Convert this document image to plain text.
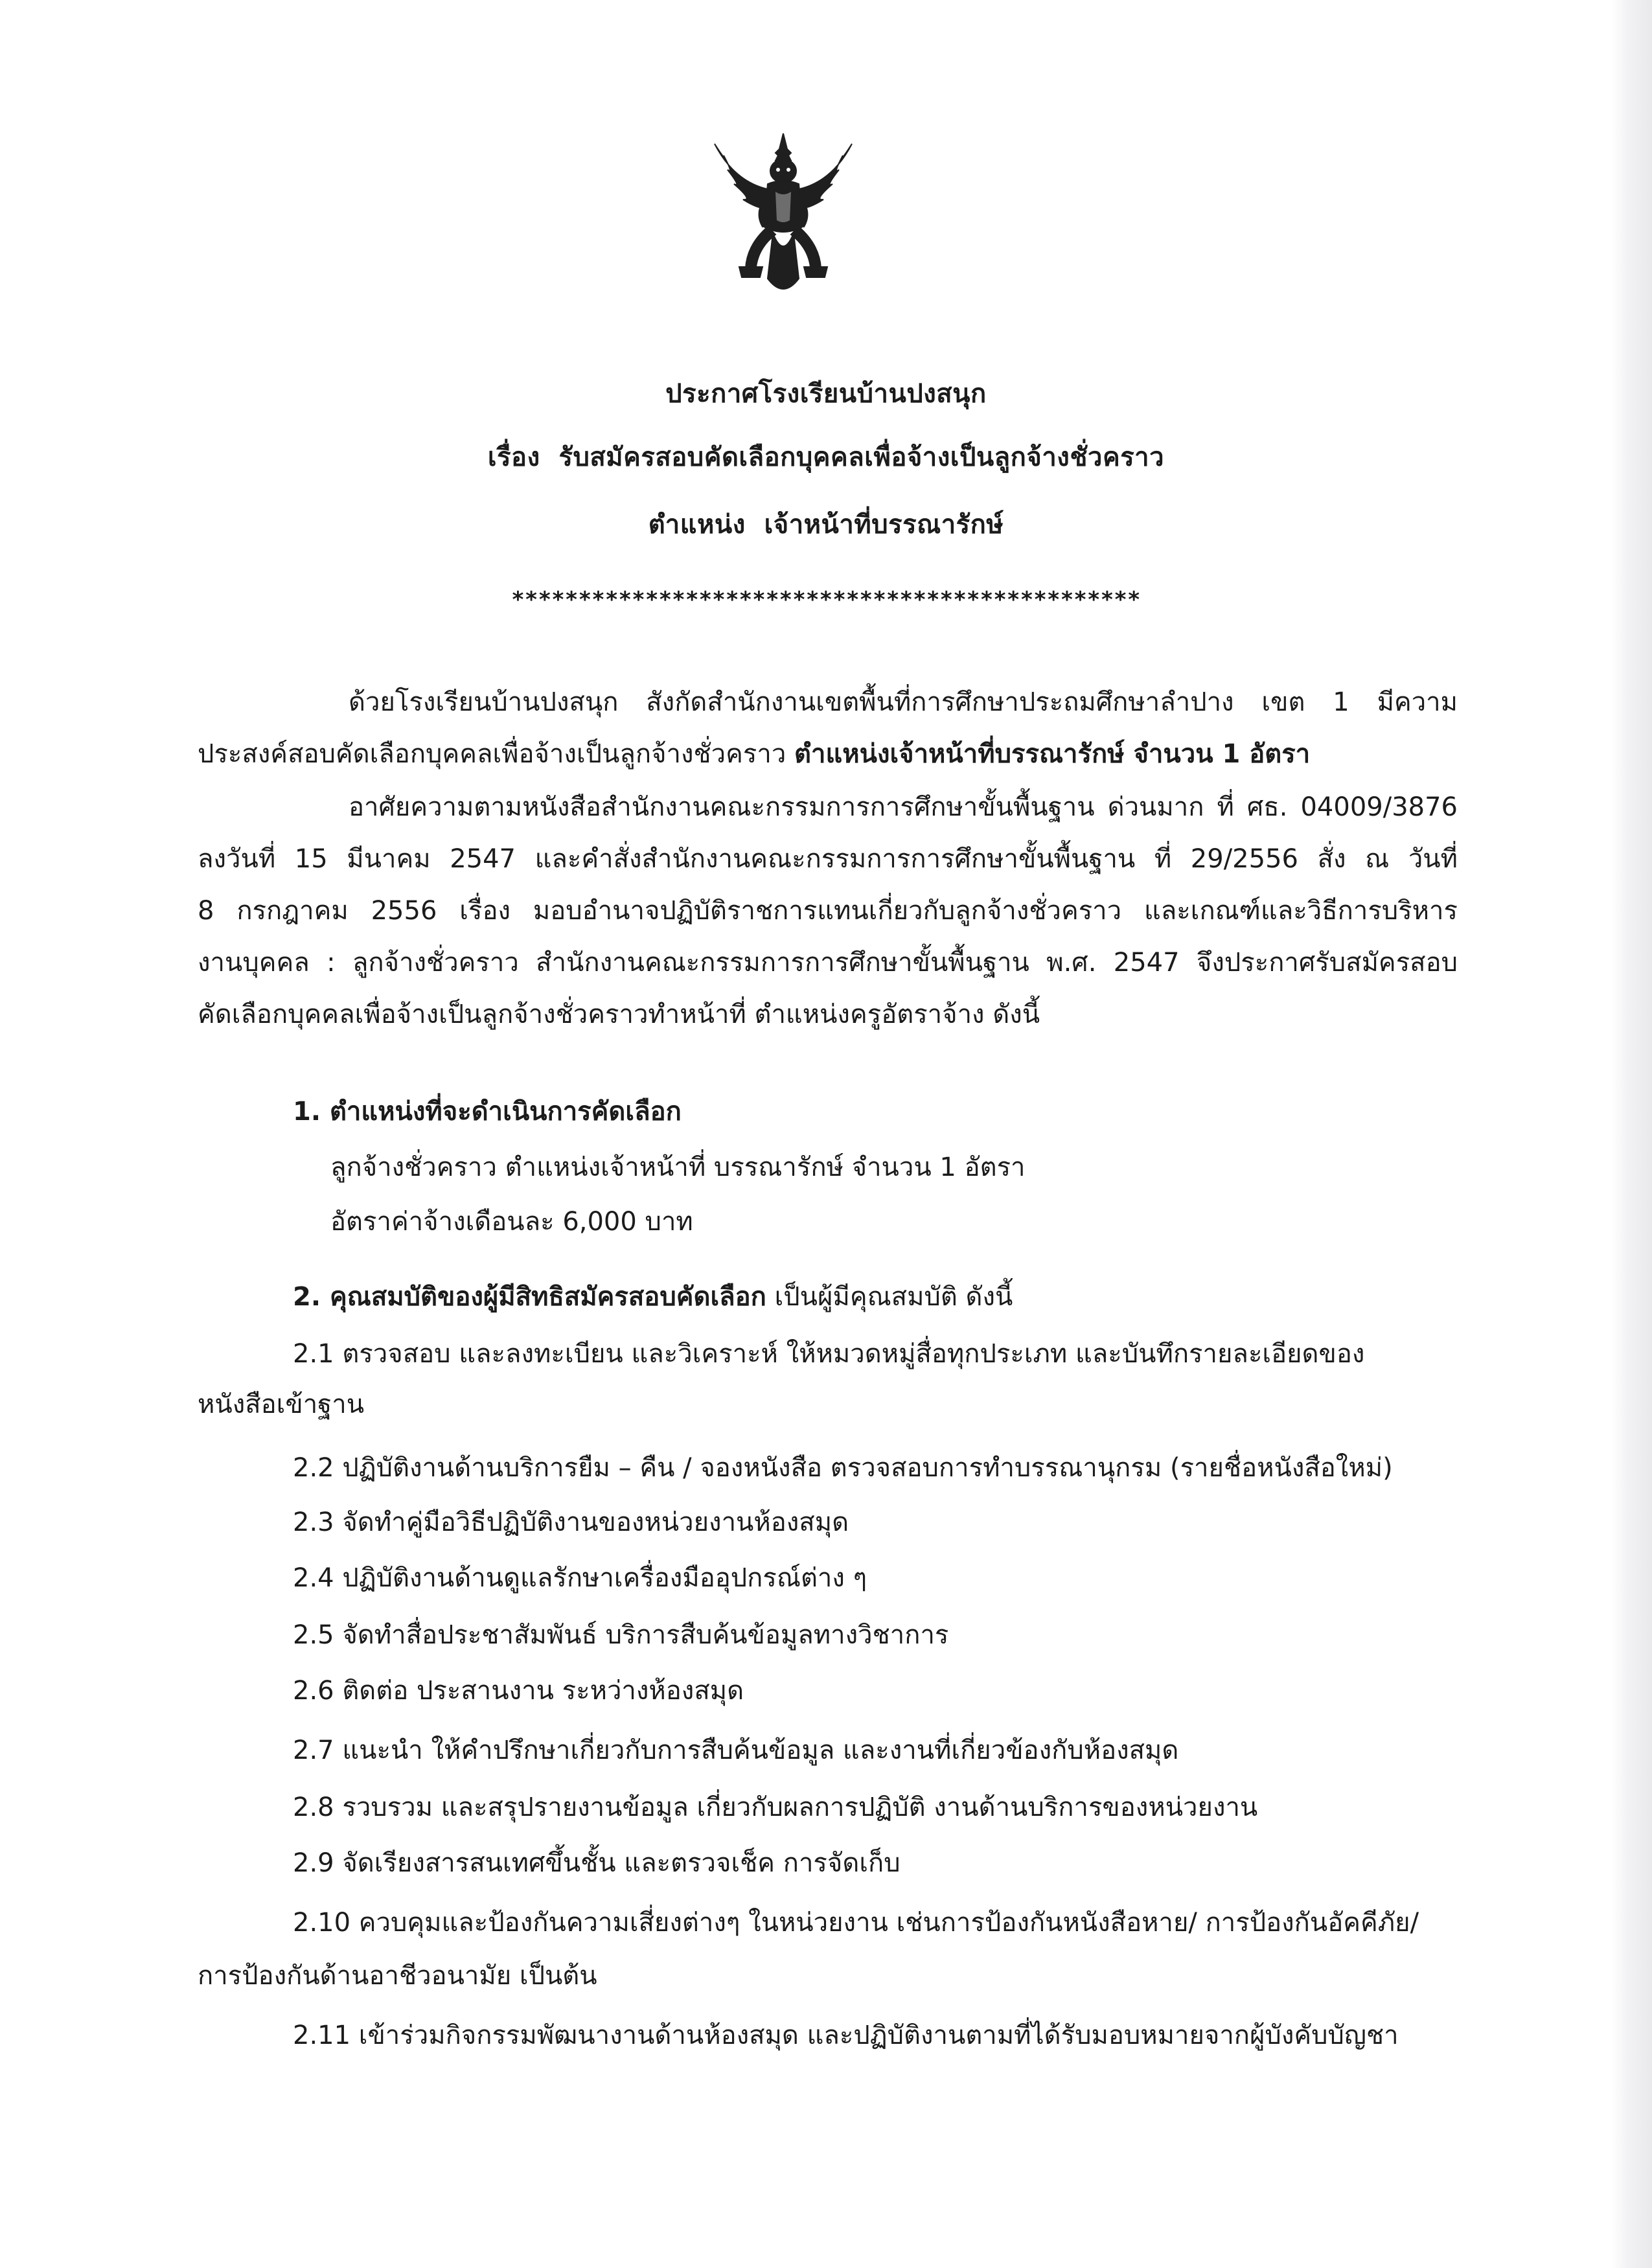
ประกาศโรงเรียนบ้านปงสนุก
เรื่อง รับสมัครสอบคัดเลือกบุคคลเพื่อจ้างเป็นลูกจ้างชั่วคราว
ตำแหน่ง เจ้าหน้าที่บรรณารักษ์
***********************************************
ด้วยโรงเรียนบ้านปงสนุก สังกัดสำนักงานเขตพื้นที่การศึกษาประถมศึกษาลำปาง เขต 1 มีความ
ประสงค์สอบคัดเลือกบุคคลเพื่อจ้างเป็นลูกจ้างชั่วคราว ตำแหน่งเจ้าหน้าที่บรรณารักษ์ จำนวน 1 อัตรา
อาศัยความตามหนังสือสำนักงานคณะกรรมการการศึกษาขั้นพื้นฐาน ด่วนมาก ที่ ศธ. 04009/3876
ลงวันที่ 15 มีนาคม 2547 และคำสั่งสำนักงานคณะกรรมการการศึกษาขั้นพื้นฐาน ที่ 29/2556 สั่ง ณ วันที่
8 กรกฎาคม 2556 เรื่อง มอบอำนาจปฏิบัติราชการแทนเกี่ยวกับลูกจ้างชั่วคราว และเกณฑ์และวิธีการบริหาร
งานบุคคล : ลูกจ้างชั่วคราว สำนักงานคณะกรรมการการศึกษาขั้นพื้นฐาน พ.ศ. 2547 จึงประกาศรับสมัครสอบ
คัดเลือกบุคคลเพื่อจ้างเป็นลูกจ้างชั่วคราวทำหน้าที่ ตำแหน่งครูอัตราจ้าง ดังนี้
1. ตำแหน่งที่จะดำเนินการคัดเลือก
ลูกจ้างชั่วคราว ตำแหน่งเจ้าหน้าที่ บรรณารักษ์ จำนวน 1 อัตรา
อัตราค่าจ้างเดือนละ 6,000 บาท
2. คุณสมบัติของผู้มีสิทธิสมัครสอบคัดเลือก เป็นผู้มีคุณสมบัติ ดังนี้
2.1 ตรวจสอบ และลงทะเบียน และวิเคราะห์ ให้หมวดหมู่สื่อทุกประเภท และบันทึกรายละเอียดของ
หนังสือเข้าฐาน
2.2 ปฏิบัติงานด้านบริการยืม – คืน / จองหนังสือ ตรวจสอบการทำบรรณานุกรม (รายชื่อหนังสือใหม่)
2.3 จัดทำคู่มือวิธีปฏิบัติงานของหน่วยงานห้องสมุด
2.4 ปฏิบัติงานด้านดูแลรักษาเครื่องมืออุปกรณ์ต่าง ๆ
2.5 จัดทำสื่อประชาสัมพันธ์ บริการสืบค้นข้อมูลทางวิชาการ
2.6 ติดต่อ ประสานงาน ระหว่างห้องสมุด
2.7 แนะนำ ให้คำปรึกษาเกี่ยวกับการสืบค้นข้อมูล และงานที่เกี่ยวข้องกับห้องสมุด
2.8 รวบรวม และสรุปรายงานข้อมูล เกี่ยวกับผลการปฏิบัติ งานด้านบริการของหน่วยงาน
2.9 จัดเรียงสารสนเทศขึ้นชั้น และตรวจเช็ค การจัดเก็บ
2.10 ควบคุมและป้องกันความเสี่ยงต่างๆ ในหน่วยงาน เช่นการป้องกันหนังสือหาย/ การป้องกันอัคคีภัย/
การป้องกันด้านอาชีวอนามัย เป็นต้น
2.11 เข้าร่วมกิจกรรมพัฒนางานด้านห้องสมุด และปฏิบัติงานตามที่ได้รับมอบหมายจากผู้บังคับบัญชา
